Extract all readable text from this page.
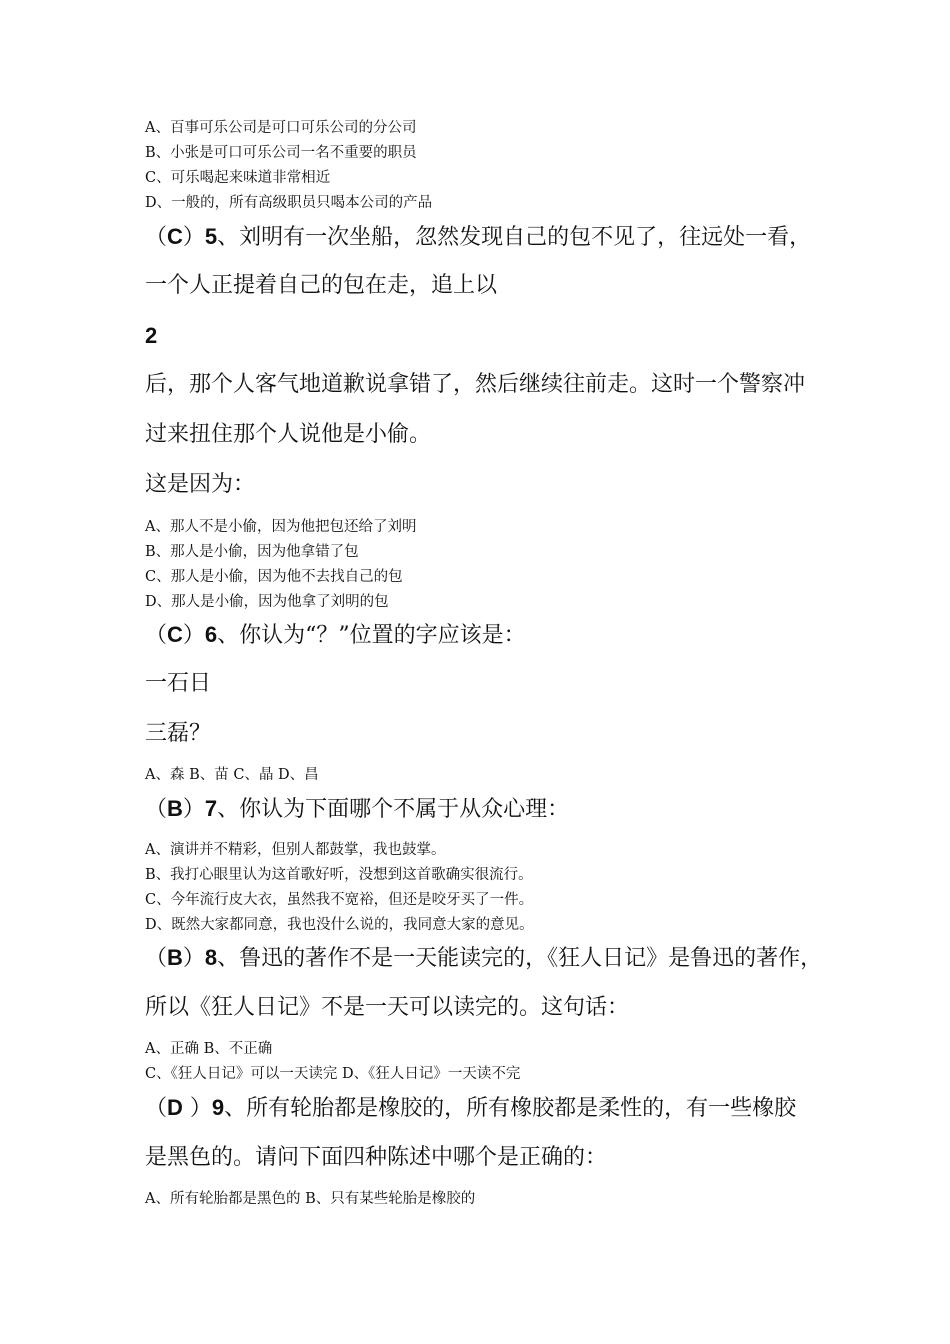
A、百事可乐公司是可口可乐公司的分公司
B、小张是可口可乐公司一名不重要的职员
C、可乐喝起来味道非常相近
D、一般的，所有高级职员只喝本公司的产品
（C）5、刘明有一次坐船，忽然发现自己的包不见了，往远处一看，
一个人正提着自己的包在走，追上以
2
后，那个人客气地道歉说拿错了，然后继续往前走。这时一个警察冲
过来扭住那个人说他是小偷。
这是因为：
A、那人不是小偷，因为他把包还给了刘明
B、那人是小偷，因为他拿错了包
C、那人是小偷，因为他不去找自己的包
D、那人是小偷，因为他拿了刘明的包
（C）6、你认为“？”位置的字应该是：
一石日
三磊？
A、森 B、苗 C、晶 D、昌
（B）7、你认为下面哪个不属于从众心理：
A、演讲并不精彩，但别人都鼓掌，我也鼓掌。
B、我打心眼里认为这首歌好听，没想到这首歌确实很流行。
C、今年流行皮大衣，虽然我不宽裕，但还是咬牙买了一件。
D、既然大家都同意，我也没什么说的，我同意大家的意见。
（B）8、鲁迅的著作不是一天能读完的，《狂人日记》是鲁迅的著作，
所以《狂人日记》不是一天可以读完的。这句话：
A、正确 B、不正确
C、《狂人日记》可以一天读完 D、《狂人日记》一天读不完
（D ）9、所有轮胎都是橡胶的，所有橡胶都是柔性的，有一些橡胶
是黑色的。请问下面四种陈述中哪个是正确的：
A、所有轮胎都是黑色的 B、只有某些轮胎是橡胶的
